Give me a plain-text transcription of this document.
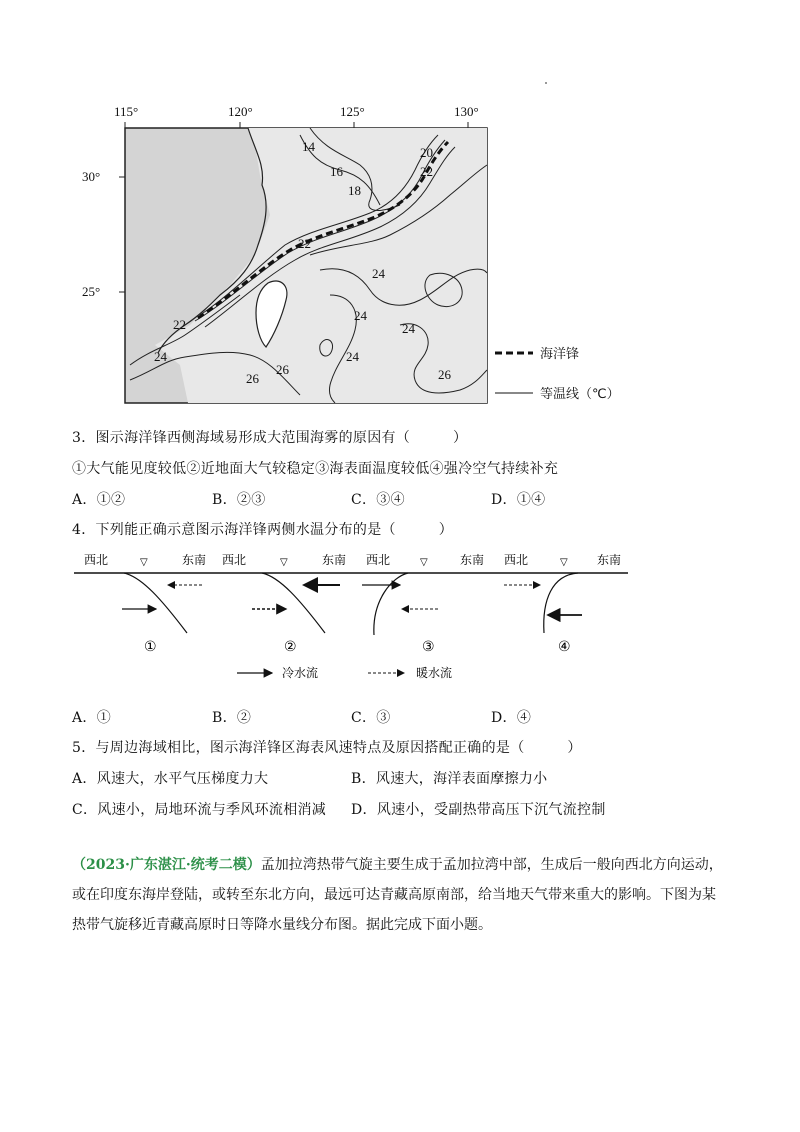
115°	120°	125°	130°
30°
25°
14
16
18
20
22
22
22
24
24
24
24	24
26
26	26
海洋锋
等温线（℃）
3．图示海洋锋西侧海域易形成大范围海雾的原因有（　　　）
①大气能见度较低②近地面大气较稳定③海表面温度较低④强冷空气持续补充
A．①②	B．②③	C．③④	D．①④
4．下列能正确示意图示海洋锋两侧水温分布的是（　　　）
西北	▽	东南
①
西北	▽	东南
②
西北	▽	东南
③
西北	▽ 东南
④
冷水流	暖水流
A．①	B．②	C．③	D．④
5．与周边海域相比，图示海洋锋区海表风速特点及原因搭配正确的是（　　　）
A．风速大，水平气压梯度力大	B．风速大，海洋表面摩擦力小
C．风速小，局地环流与季风环流相消减 D．风速小，受副热带高压下沉气流控制
（2023·广东湛江·统考二模）孟加拉湾热带气旋主要生成于孟加拉湾中部，生成后一般向西北方向运动，
或在印度东海岸登陆，或转至东北方向，最远可达青藏高原南部，给当地天气带来重大的影响。下图为某
热带气旋移近青藏高原时日等降水量线分布图。据此完成下面小题。
